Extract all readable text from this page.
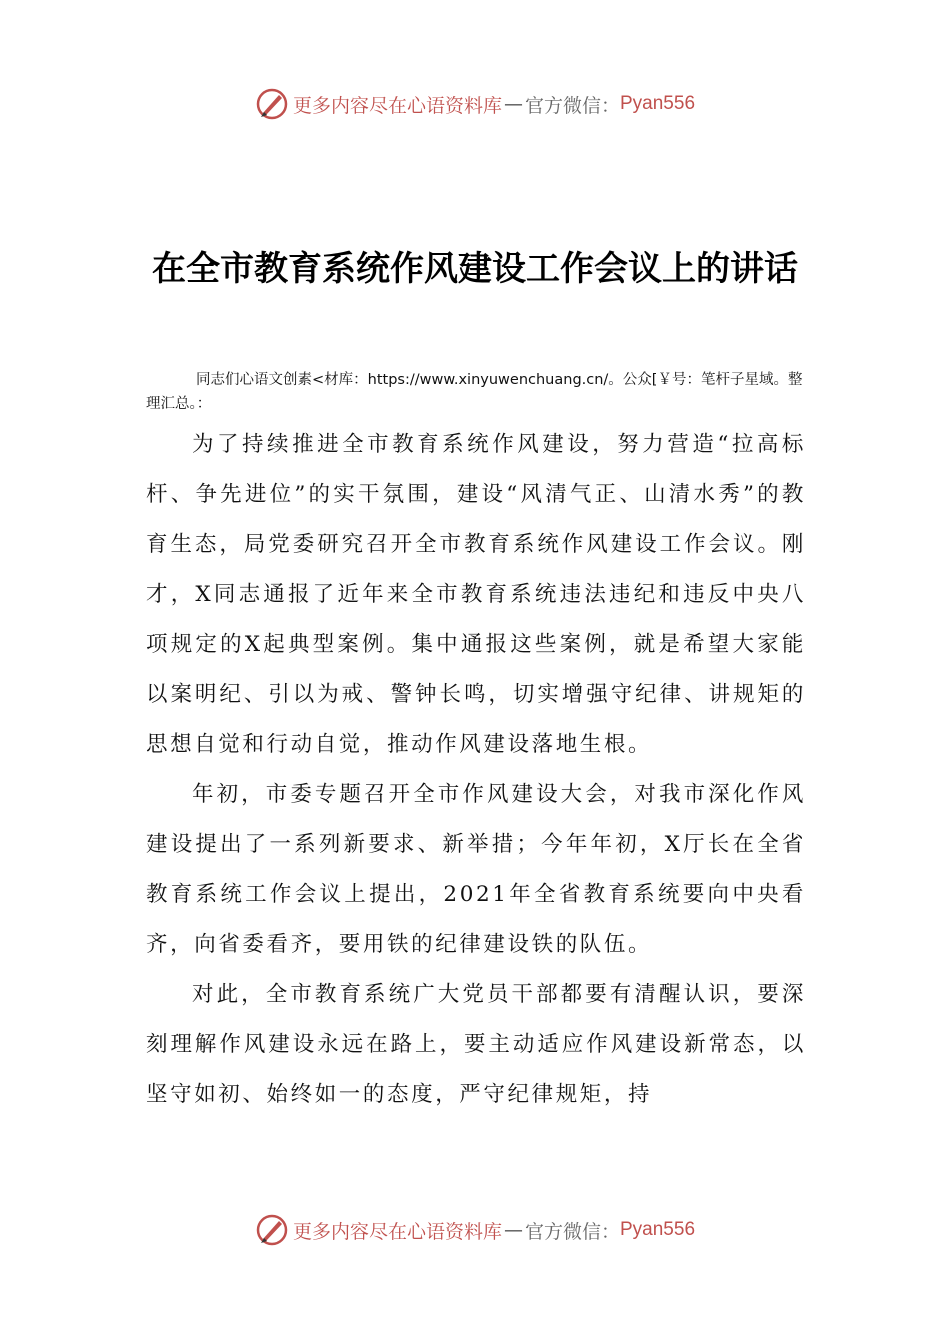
更多内容尽在心语资料库 — 官方微信： Pyan556
在全市教育系统作风建设工作会议上的讲话
同志们心语文创素<材库：https://www.xinyuwenchuang.cn/。公众[￥号：笔杆子星域。整理汇总。：

为了持续推进全市教育系统作风建设，努力营造“拉高标杆、争先进位”的实干氛围，建设“风清气正、山清水秀”的教育生态，局党委研究召开全市教育系统作风建设工作会议。刚才，X同志通报了近年来全市教育系统违法违纪和违反中央八项规定的X起典型案例。集中通报这些案例，就是希望大家能以案明纪、引以为戒、警钟长鸣，切实增强守纪律、讲规矩的思想自觉和行动自觉，推动作风建设落地生根。

年初，市委专题召开全市作风建设大会，对我市深化作风建设提出了一系列新要求、新举措；今年年初，X厅长在全省教育系统工作会议上提出，2021年全省教育系统要向中央看齐，向省委看齐，要用铁的纪律建设铁的队伍。

对此，全市教育系统广大党员干部都要有清醒认识，要深刻理解作风建设永远在路上，要主动适应作风建设新常态，以坚守如初、始终如一的态度，严守纪律规矩，持

更多内容尽在心语资料库 — 官方微信： Pyan556
